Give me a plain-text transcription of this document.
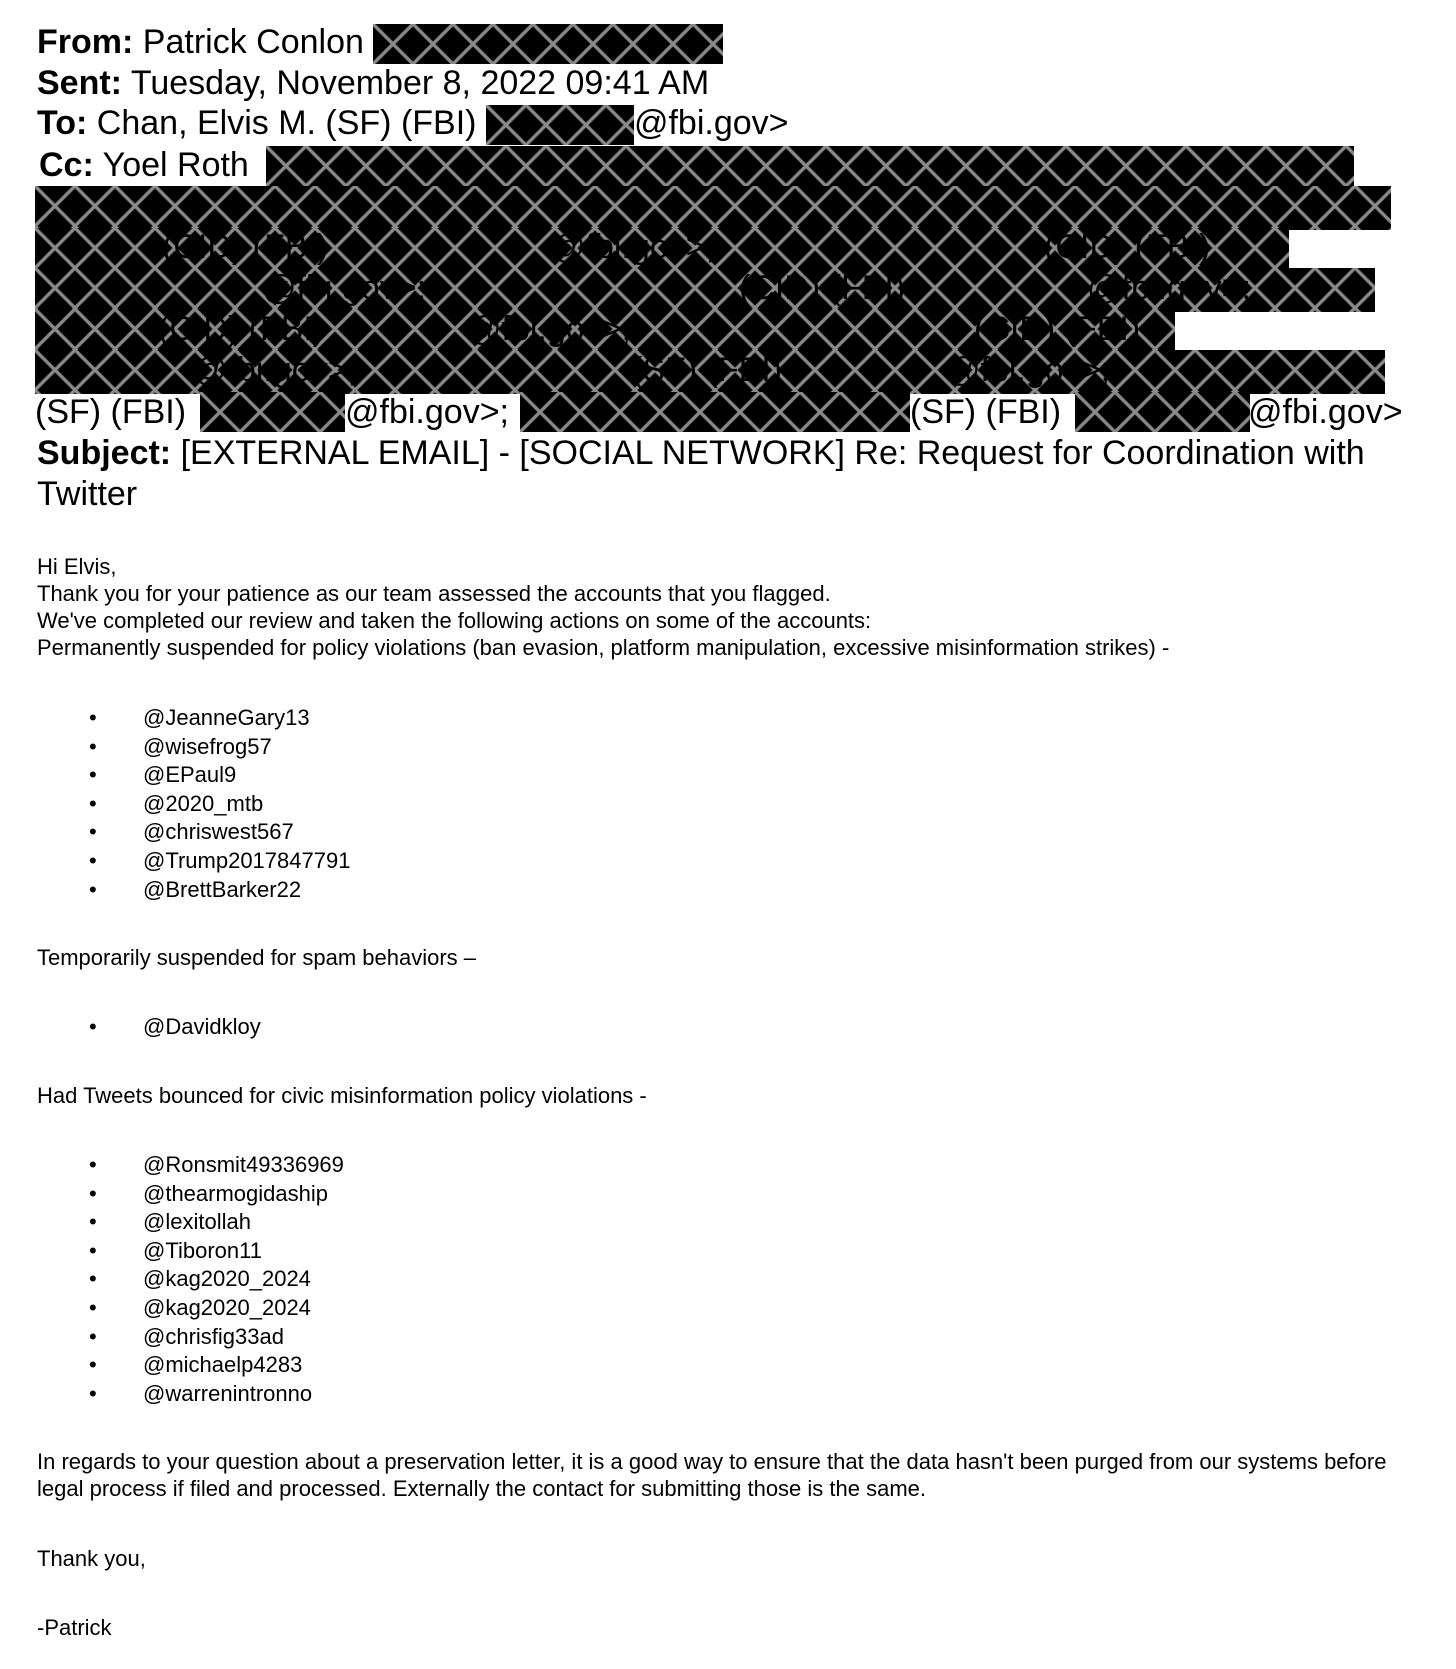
From: Patrick Conlon
Sent: Tuesday, November 8, 2022 09:41 AM
To: Chan, Elvis M. (SF) (FBI)	@fbi.gov>
Cc: Yoel Roth
(CID) (FBI)	@fbi.gov>;	(CID) (FBI)
@fbi.gov>;	(CID) (FBI)	@fbi.gov>;
(CID) (FBI)	@fbi.gov>;	(CID) (FBI)
@fbi.gov>;	(SF) (FBI)	@fbi.gov>;
(SF) (FBI)	@fbi.gov>;	(SF) (FBI)	@fbi.gov>
Subject: [EXTERNAL EMAIL] - [SOCIAL NETWORK] Re: Request for Coordination with Twitter
Hi Elvis,
Thank you for your patience as our team assessed the accounts that you flagged.
We've completed our review and taken the following actions on some of the accounts:
Permanently suspended for policy violations (ban evasion, platform manipulation, excessive misinformation strikes) -
• @JeanneGary13
• @wisefrog57
• @EPaul9
• @2020_mtb
• @chriswest567
• @Trump2017847791
• @BrettBarker22
Temporarily suspended for spam behaviors –
• @Davidkloy
Had Tweets bounced for civic misinformation policy violations -
• @Ronsmit49336969
• @thearmogidaship
• @lexitollah
• @Tiboron11
• @kag2020_2024
• @kag2020_2024
• @chrisfig33ad
• @michaelp4283
• @warrenintronno
In regards to your question about a preservation letter, it is a good way to ensure that the data hasn't been purged from our systems before legal process if filed and processed. Externally the contact for submitting those is the same.
Thank you,
-Patrick
